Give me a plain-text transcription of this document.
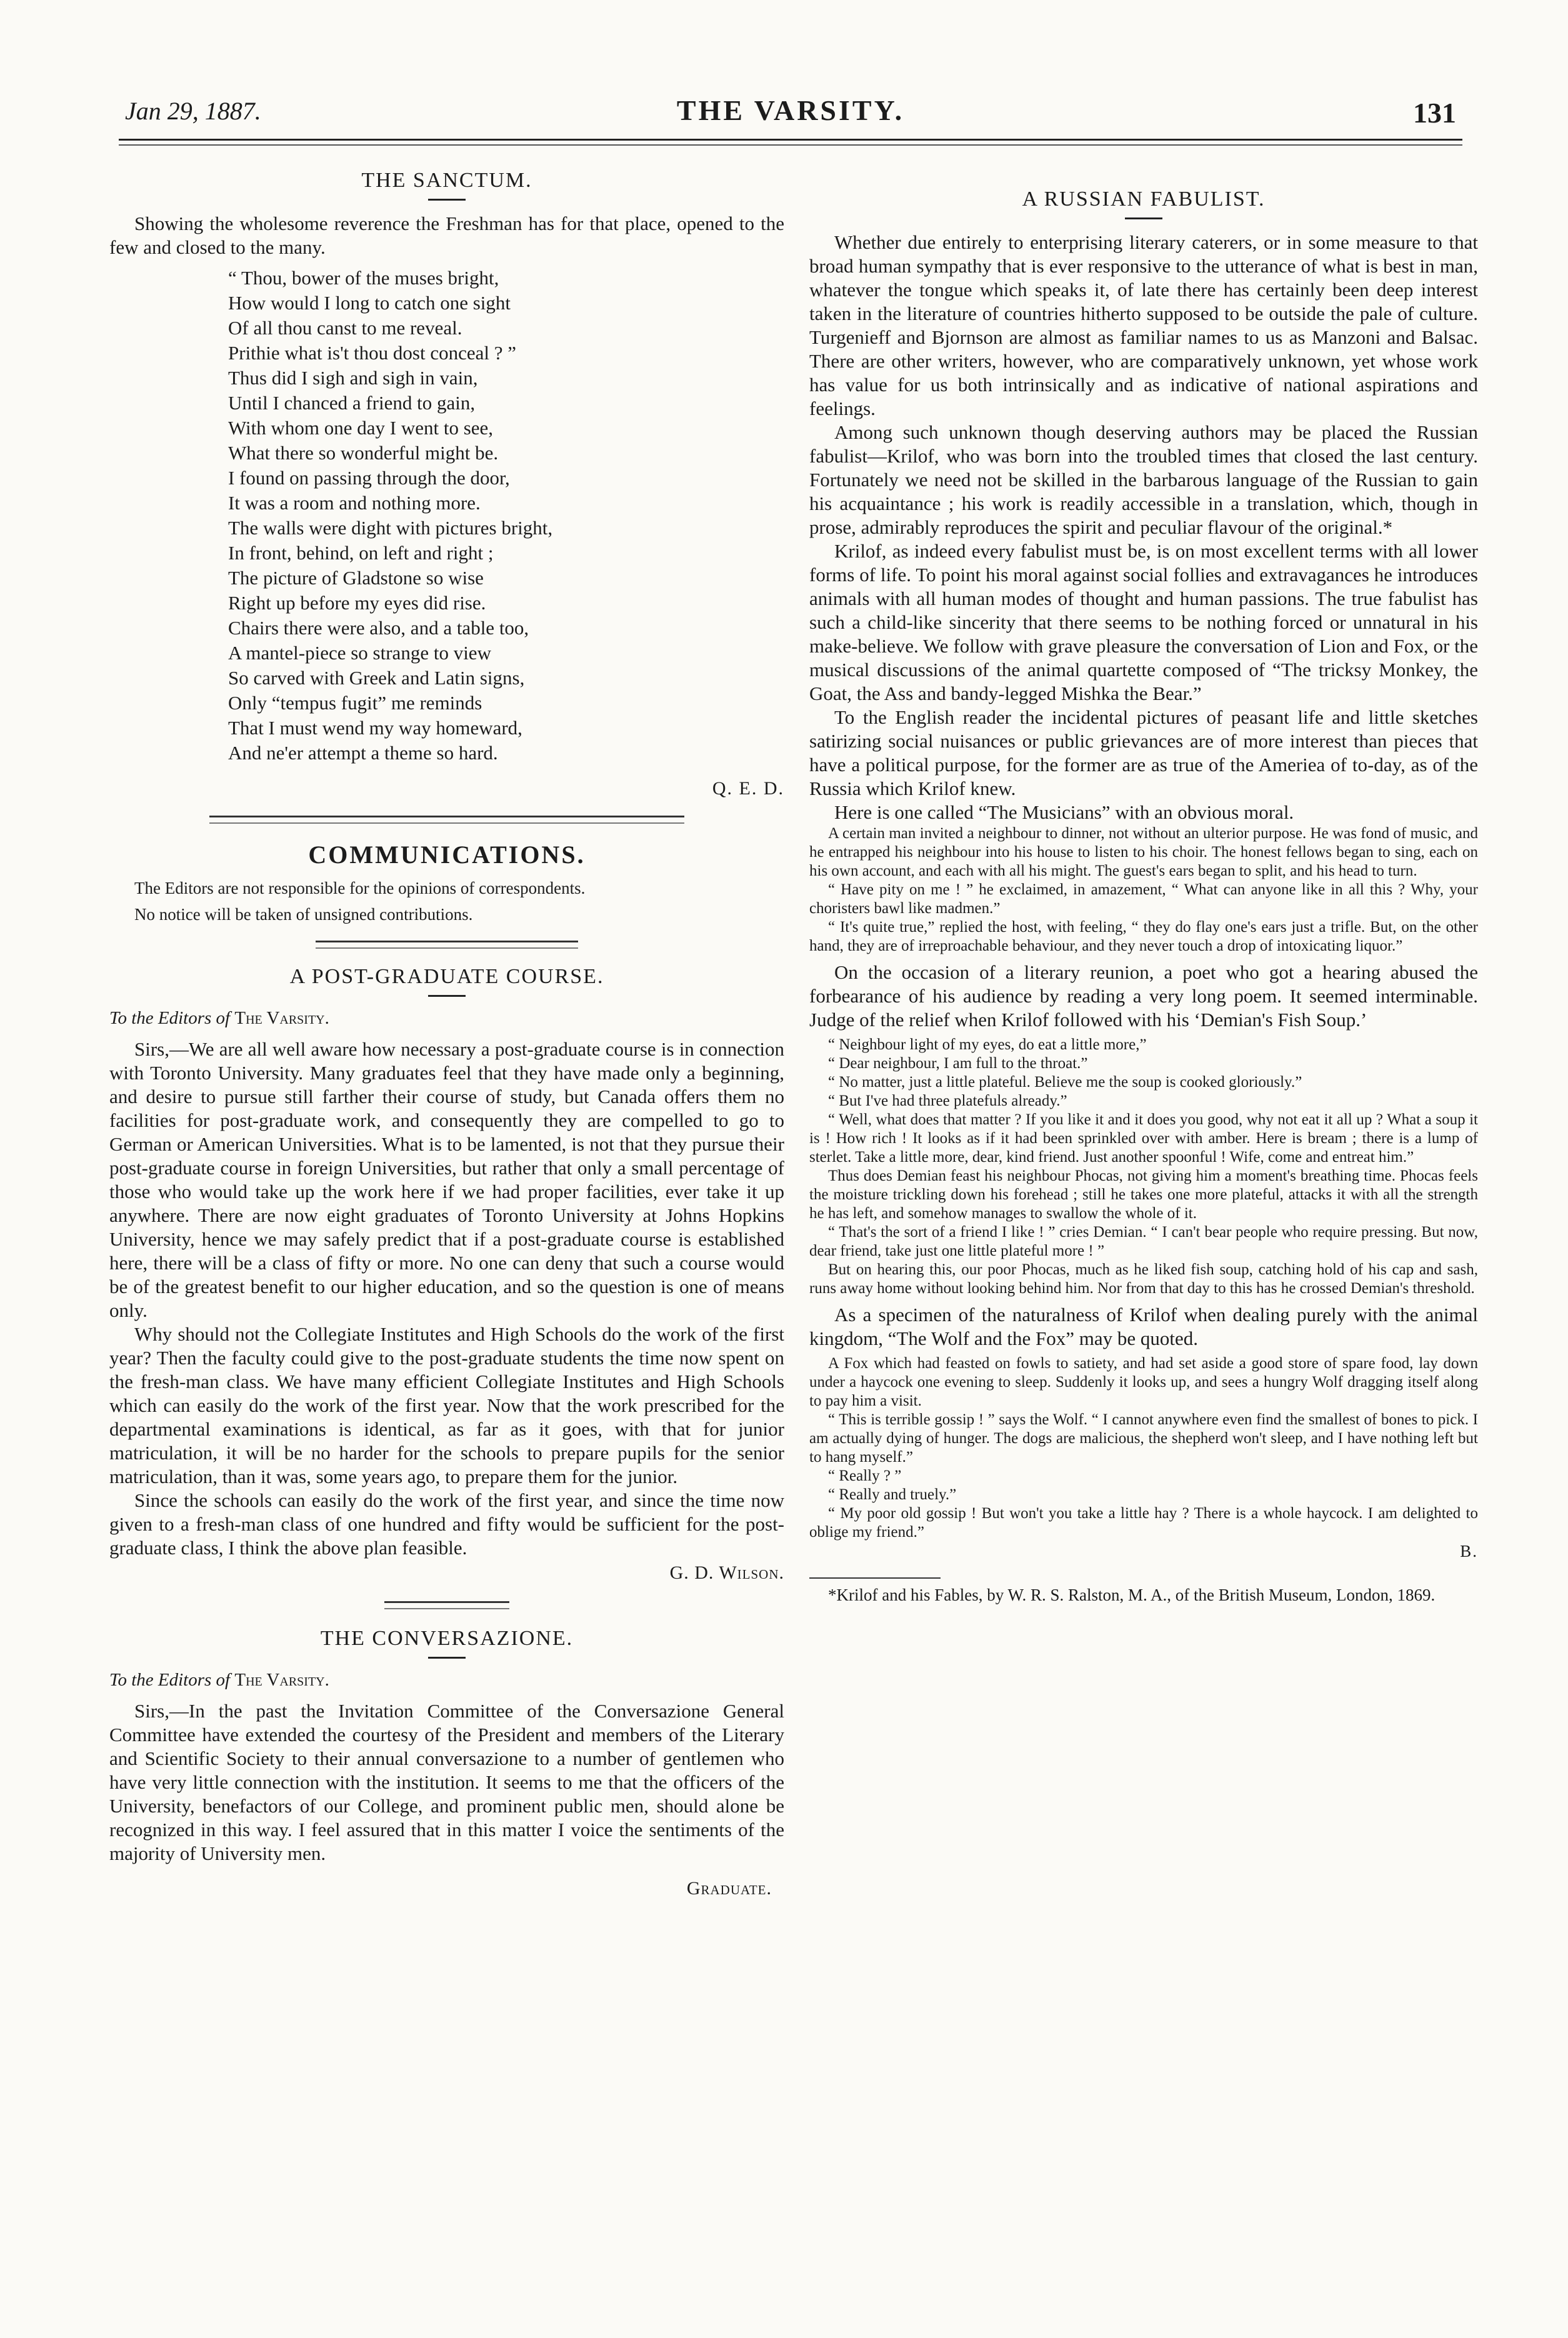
Jan 29, 1887.	THE VARSITY.	131
THE SANCTUM.

Showing the wholesome reverence the Freshman has for that place, opened to the few and closed to the many.

“ Thou, bower of the muses bright,
How would I long to catch one sight
Of all thou canst to me reveal.
Prithie what is't thou dost conceal ? ”
Thus did I sigh and sigh in vain,
Until I chanced a friend to gain,
With whom one day I went to see,
What there so wonderful might be.
I found on passing through the door,
It was a room and nothing more.
The walls were dight with pictures bright,
In front, behind, on left and right ;
The picture of Gladstone so wise
Right up before my eyes did rise.
Chairs there were also, and a table too,
A mantel-piece so strange to view
So carved with Greek and Latin signs,
Only “tempus fugit” me reminds
That I must wend my way homeward,
And ne'er attempt a theme so hard.
Q. E. D.
COMMUNICATIONS.

The Editors are not responsible for the opinions of correspondents.

No notice will be taken of unsigned contributions.

A POST-GRADUATE COURSE.
To the Editors of The Varsity.

Sirs,—We are all well aware how necessary a post-graduate course is in connection with Toronto University. Many graduates feel that they have made only a beginning, and desire to pursue still farther their course of study, but Canada offers them no facilities for post-graduate work, and consequently they are compelled to go to German or American Universities. What is to be lamented, is not that they pursue their post-graduate course in foreign Universities, but rather that only a small percentage of those who would take up the work here if we had proper facilities, ever take it up anywhere. There are now eight graduates of Toronto University at Johns Hopkins University, hence we may safely predict that if a post-graduate course is established here, there will be a class of fifty or more. No one can deny that such a course would be of the greatest benefit to our higher education, and so the question is one of means only.

Why should not the Collegiate Institutes and High Schools do the work of the first year? Then the faculty could give to the post-graduate students the time now spent on the fresh-man class. We have many efficient Collegiate Institutes and High Schools which can easily do the work of the first year. Now that the work prescribed for the departmental examinations is identical, as far as it goes, with that for junior matriculation, it will be no harder for the schools to prepare pupils for the senior matriculation, than it was, some years ago, to prepare them for the junior.

Since the schools can easily do the work of the first year, and since the time now given to a fresh-man class of one hundred and fifty would be sufficient for the post-graduate class, I think the above plan feasible.

G. D. Wilson.
THE CONVERSAZIONE.
To the Editors of The Varsity.

Sirs,—In the past the Invitation Committee of the Conversazione General Committee have extended the courtesy of the President and members of the Literary and Scientific Society to their annual conversazione to a number of gentlemen who have very little connection with the institution. It seems to me that the officers of the University, benefactors of our College, and prominent public men, should alone be recognized in this way. I feel assured that in this matter I voice the sentiments of the majority of University men.

Graduate.
A RUSSIAN FABULIST.

Whether due entirely to enterprising literary caterers, or in some measure to that broad human sympathy that is ever responsive to the utterance of what is best in man, whatever the tongue which speaks it, of late there has certainly been deep interest taken in the literature of countries hitherto supposed to be outside the pale of culture. Turgenieff and Bjornson are almost as familiar names to us as Manzoni and Balsac. There are other writers, however, who are comparatively unknown, yet whose work has value for us both intrinsically and as indicative of national aspirations and feelings.

Among such unknown though deserving authors may be placed the Russian fabulist—Krilof, who was born into the troubled times that closed the last century. Fortunately we need not be skilled in the barbarous language of the Russian to gain his acquaintance ; his work is readily accessible in a translation, which, though in prose, admirably reproduces the spirit and peculiar flavour of the original.*

Krilof, as indeed every fabulist must be, is on most excellent terms with all lower forms of life. To point his moral against social follies and extravagances he introduces animals with all human modes of thought and human passions. The true fabulist has such a child-like sincerity that there seems to be nothing forced or unnatural in his make-believe. We follow with grave pleasure the conversation of Lion and Fox, or the musical discussions of the animal quartette composed of “The tricksy Monkey, the Goat, the Ass and bandy-legged Mishka the Bear.”

To the English reader the incidental pictures of peasant life and little sketches satirizing social nuisances or public grievances are of more interest than pieces that have a political purpose, for the former are as true of the Ameriea of to-day, as of the Russia which Krilof knew.

Here is one called “The Musicians” with an obvious moral.

A certain man invited a neighbour to dinner, not without an ulterior purpose. He was fond of music, and he entrapped his neighbour into his house to listen to his choir. The honest fellows began to sing, each on his own account, and each with all his might. The guest's ears began to split, and his head to turn.

“ Have pity on me ! ” he exclaimed, in amazement, “ What can anyone like in all this ? Why, your choristers bawl like madmen.”

“ It's quite true,” replied the host, with feeling, “ they do flay one's ears just a trifle. But, on the other hand, they are of irreproachable behaviour, and they never touch a drop of intoxicating liquor.”

On the occasion of a literary reunion, a poet who got a hearing abused the forbearance of his audience by reading a very long poem. It seemed interminable. Judge of the relief when Krilof followed with his ‘Demian's Fish Soup.’

“ Neighbour light of my eyes, do eat a little more,”

“ Dear neighbour, I am full to the throat.”

“ No matter, just a little plateful. Believe me the soup is cooked gloriously.”

“ But I've had three platefuls already.”

“ Well, what does that matter ? If you like it and it does you good, why not eat it all up ? What a soup it is ! How rich ! It looks as if it had been sprinkled over with amber. Here is bream ; there is a lump of sterlet. Take a little more, dear, kind friend. Just another spoonful ! Wife, come and entreat him.”

Thus does Demian feast his neighbour Phocas, not giving him a moment's breathing time. Phocas feels the moisture trickling down his forehead ; still he takes one more plateful, attacks it with all the strength he has left, and somehow manages to swallow the whole of it.

“ That's the sort of a friend I like ! ” cries Demian. “ I can't bear people who require pressing. But now, dear friend, take just one little plateful more ! ”

But on hearing this, our poor Phocas, much as he liked fish soup, catching hold of his cap and sash, runs away home without looking behind him. Nor from that day to this has he crossed Demian's threshold.

As a specimen of the naturalness of Krilof when dealing purely with the animal kingdom, “The Wolf and the Fox” may be quoted.

A Fox which had feasted on fowls to satiety, and had set aside a good store of spare food, lay down under a haycock one evening to sleep. Suddenly it looks up, and sees a hungry Wolf dragging itself along to pay him a visit.

“ This is terrible gossip ! ” says the Wolf. “ I cannot anywhere even find the smallest of bones to pick. I am actually dying of hunger. The dogs are malicious, the shepherd won't sleep, and I have nothing left but to hang myself.”

“ Really ? ”

“ Really and truely.”

“ My poor old gossip ! But won't you take a little hay ? There is a whole haycock. I am delighted to oblige my friend.”

B.

*Krilof and his Fables, by W. R. S. Ralston, M. A., of the British Museum, London, 1869.
